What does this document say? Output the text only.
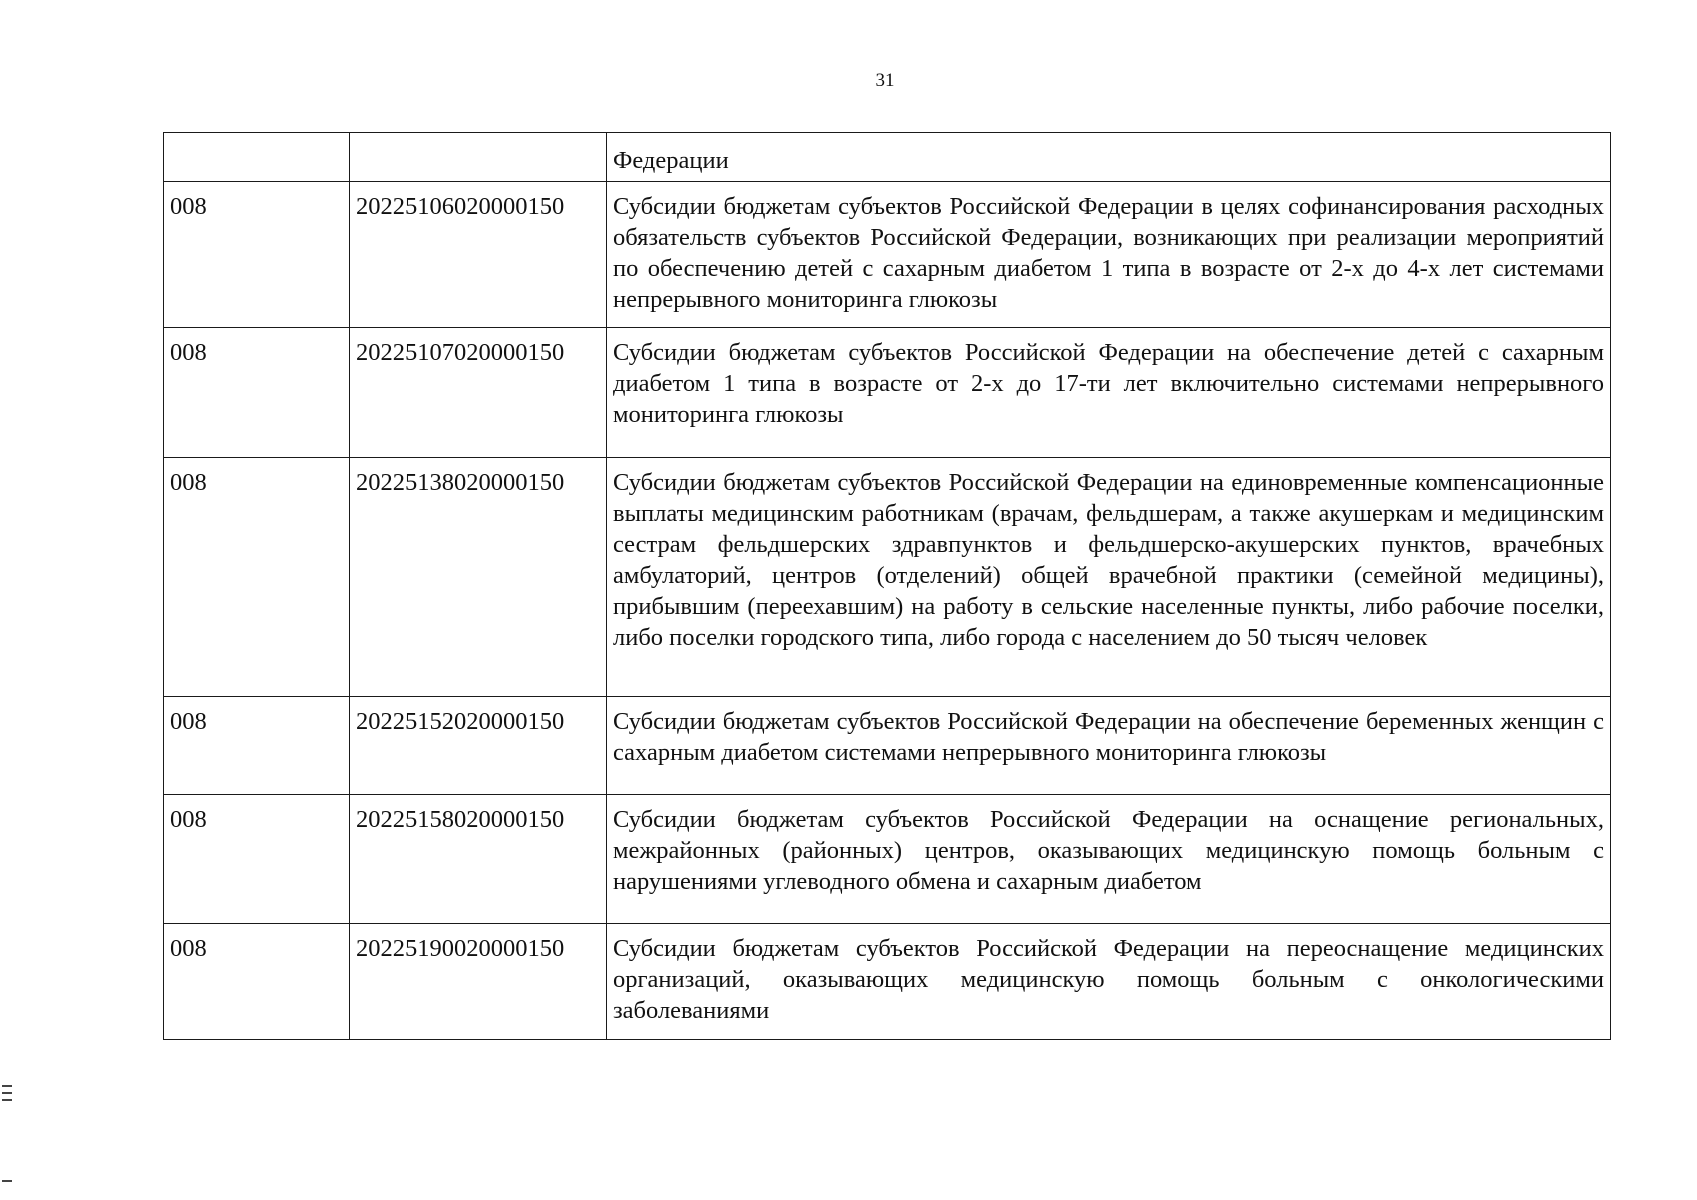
31
		Федерации
008	20225106020000150	Субсидии бюджетам субъектов Российской Федерации в целях софинансирования расходных обязательств субъектов Российской Федерации, возникающих при реализации мероприятий по обеспечению детей с сахарным диабетом 1 типа в возрасте от 2-х до 4-х лет системами непрерывного мониторинга глюкозы
008	20225107020000150	Субсидии бюджетам субъектов Российской Федерации на обеспечение детей с сахарным диабетом 1 типа в возрасте от 2-х до 17-ти лет включительно системами непрерывного мониторинга глюкозы
008	20225138020000150	Субсидии бюджетам субъектов Российской Федерации на единовременные компенсационные выплаты медицинским работникам (врачам, фельдшерам, а также акушеркам и медицинским сестрам фельдшерских здравпунктов и фельдшерско-акушерских пунктов, врачебных амбулаторий, центров (отделений) общей врачебной практики (семейной медицины), прибывшим (переехавшим) на работу в сельские населенные пункты, либо рабочие поселки, либо поселки городского типа, либо города с населением до 50 тысяч человек
008	20225152020000150	Субсидии бюджетам субъектов Российской Федерации на обеспечение беременных женщин с сахарным диабетом системами непрерывного мониторинга глюкозы
008	20225158020000150	Субсидии бюджетам субъектов Российской Федерации на оснащение региональных, межрайонных (районных) центров, оказывающих медицинскую помощь больным с нарушениями углеводного обмена и сахарным диабетом
008	20225190020000150	Субсидии бюджетам субъектов Российской Федерации на переоснащение медицинских организаций, оказывающих медицинскую помощь больным с онкологическими заболеваниями
